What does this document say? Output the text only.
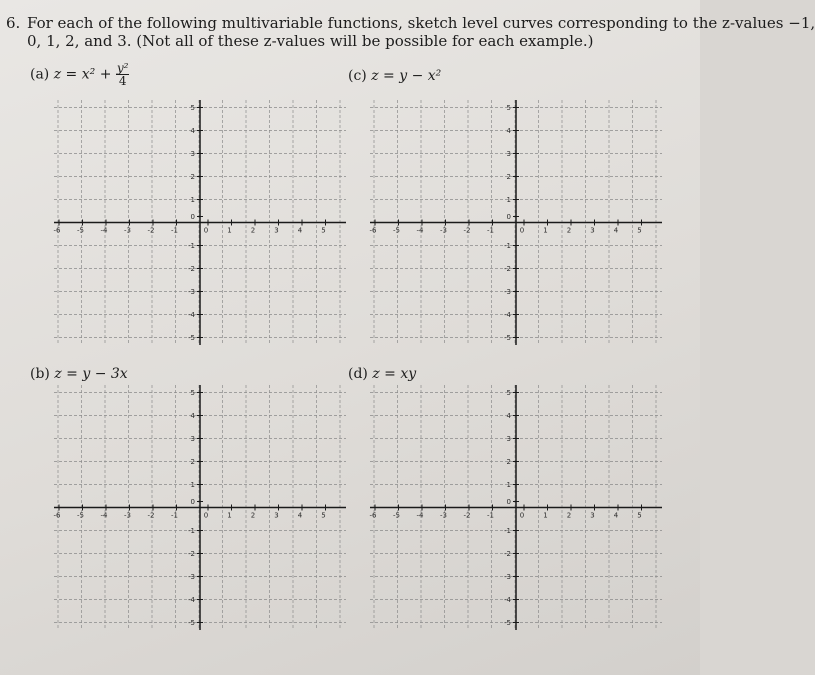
6. For each of the following multivariable functions, sketch level curves corresponding to the z-values −1,
0, 1, 2, and 3. (Not all of these z-values will be possible for each example.)
(a) $z = x^2 + \frac{\text{y²}}{4}$	(c) z = y − x²
(b) z = y − 3x	(d) z = xy
-6 -5 -4 -3 -2 -1	0	1	2	3	4	5
5
4
3
2
1
0
-1
-2
-3
-4
-5
-6 -5 -4 -3 -2 -1	0	1	2	3	4	5
5
4
3
2
1
0
-1
-2
-3
-4
-5
-6 -5 -4 -3 -2 -1	0	1	2	3	4	5
5
4
3
2
1
0
-1
-2
-3
-4
-5
-6 -5 -4 -3 -2 -1	0	1	2	3	4	5
5
4
3
2
1
0
-1
-2
-3
-4
-5
